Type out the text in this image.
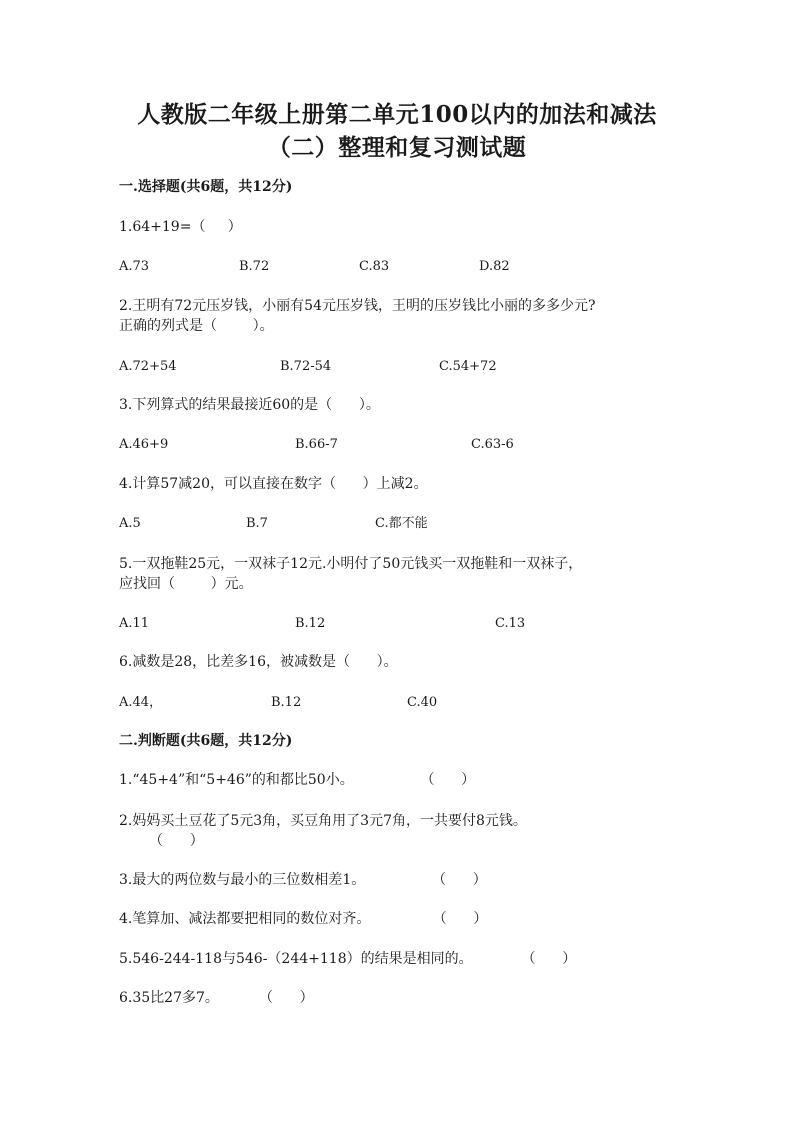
人教版二年级上册第二单元100以内的加法和减法
（二）整理和复习测试题

一.选择题(共6题，共12分)

1.64+19=（     ）

A.73	B.72	C.83	D.82

2.王明有72元压岁钱，小丽有54元压岁钱，王明的压岁钱比小丽的多多少元?

正确的列式是（        ）。

A.72+54	B.72-54	C.54+72

3.下列算式的结果最接近60的是（      ）。

A.46+9	B.66-7	C.63-6

4.计算57减20，可以直接在数字（      ）上减2。

A.5	B.7	C.都不能

5.一双拖鞋25元，一双袜子12元.小明付了50元钱买一双拖鞋和一双袜子，

应找回（        ）元。

A.11	B.12	C.13

6.减数是28，比差多16，被减数是（      ）。

A.44，	B.12	C.40

二.判断题(共6题，共12分)

1.“45+4”和“5+46”的和都比50小。               （      ）

2.妈妈买土豆花了5元3角，买豆角用了3元7角，一共要付8元钱。

（      ）

3.最大的两位数与最小的三位数相差1。               （      ）

4.笔算加、减法都要把相同的数位对齐。              （      ）

5.546-244-118与546-（244+118）的结果是相同的。           （      ）

6.35比27多7。         （      ）
